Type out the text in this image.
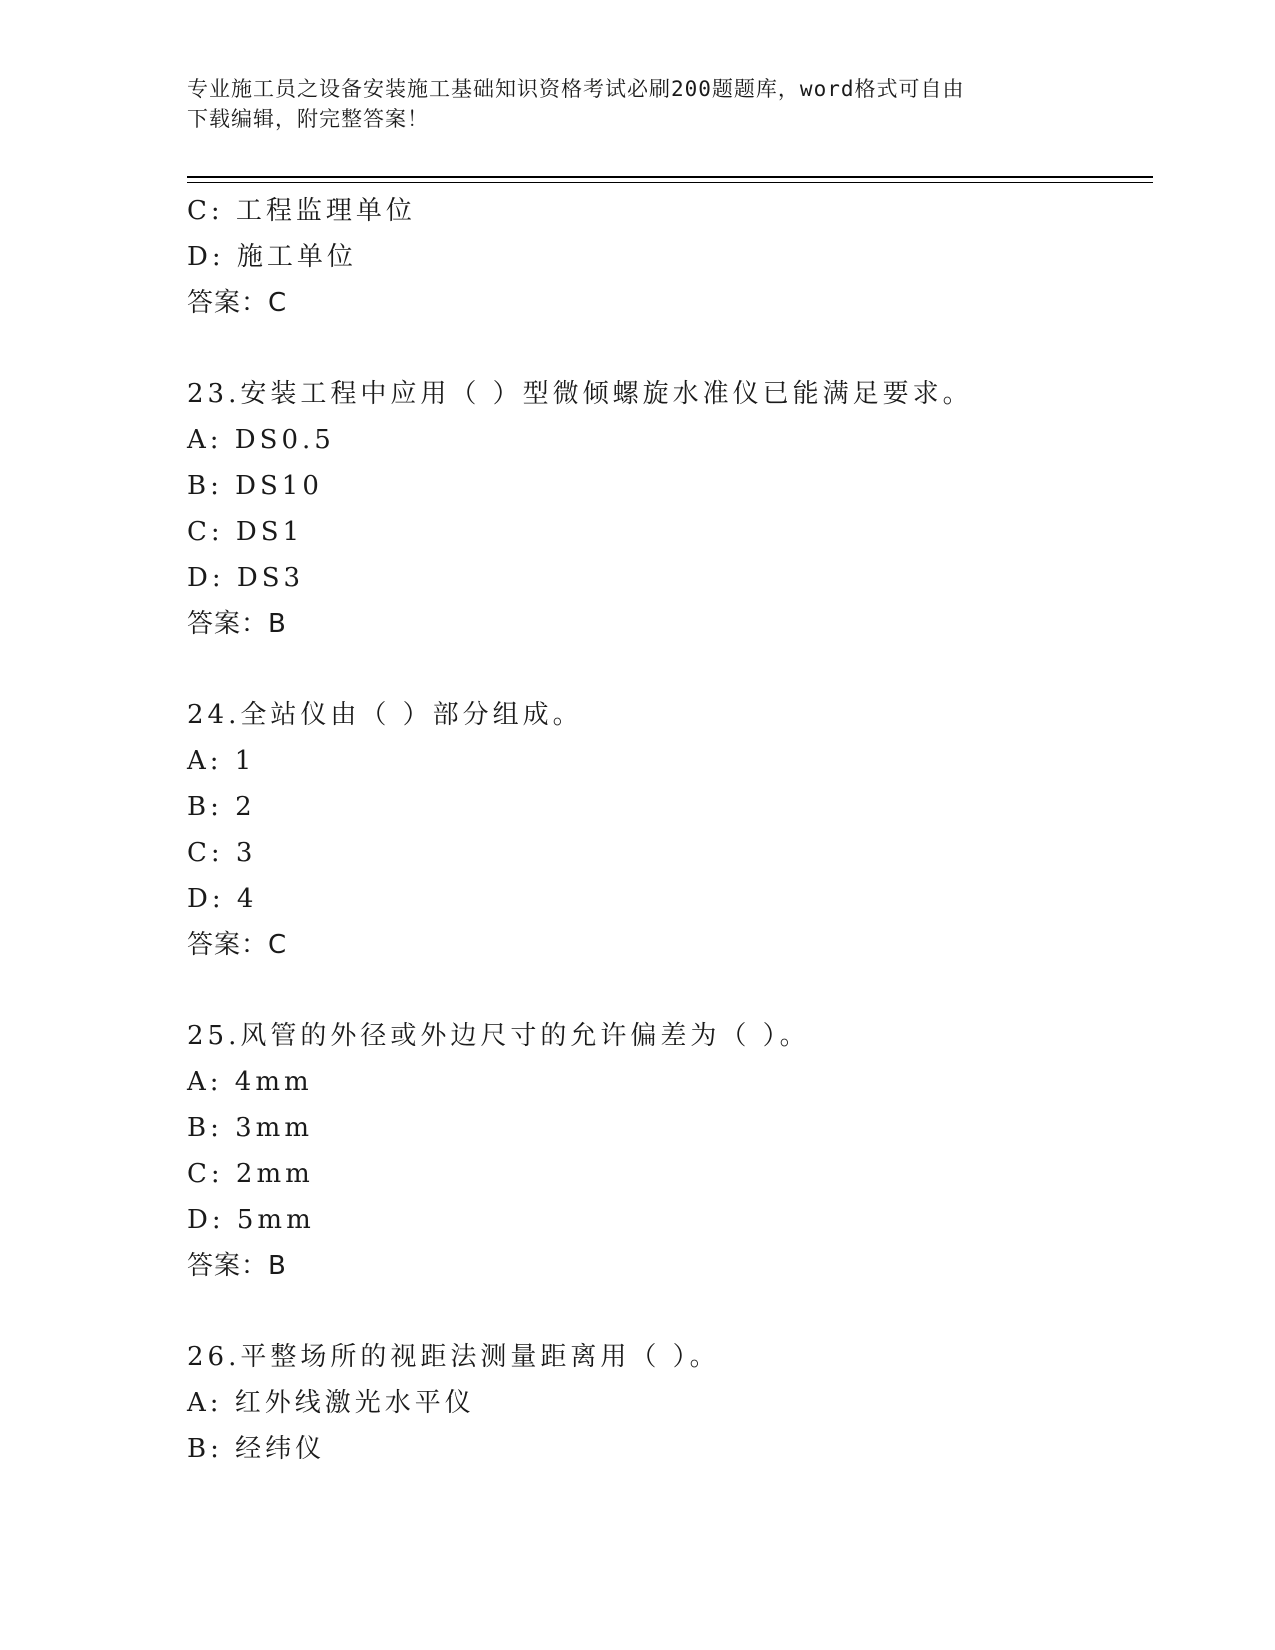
专业施工员之设备安装施工基础知识资格考试必刷200题题库，word格式可自由
下载编辑，附完整答案！
C: 工程监理单位
D: 施工单位
答案：C
23.安装工程中应用（ ）型微倾螺旋水准仪已能满足要求。
A: DS0.5
B: DS10
C: DS1
D: DS3
答案：B
24.全站仪由（ ）部分组成。
A: 1
B: 2
C: 3
D: 4
答案：C
25.风管的外径或外边尺寸的允许偏差为（ ）。
A: 4mm
B: 3mm
C: 2mm
D: 5mm
答案：B
26.平整场所的视距法测量距离用（ ）。
A: 红外线激光水平仪
B: 经纬仪
